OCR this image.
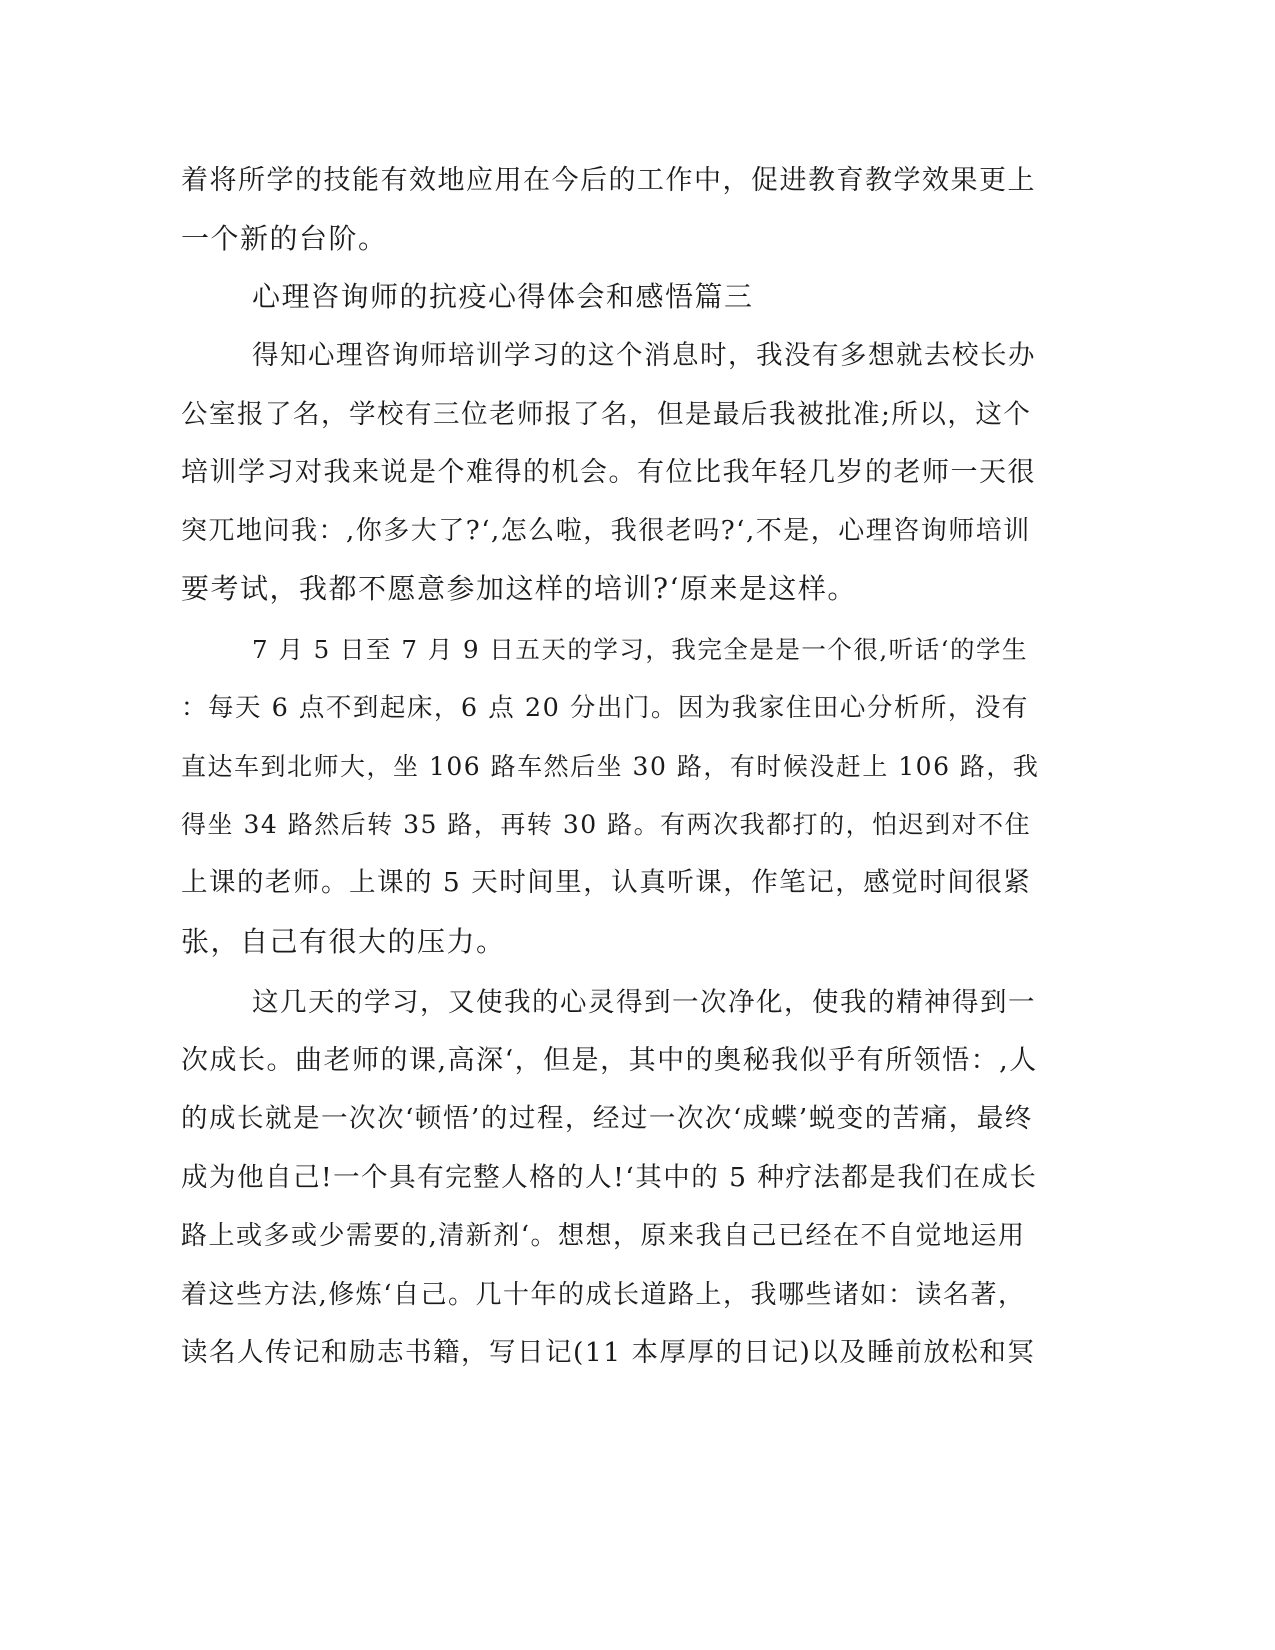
着将所学的技能有效地应用在今后的工作中，促进教育教学效果更上
一个新的台阶。
心理咨询师的抗疫心得体会和感悟篇三
得知心理咨询师培训学习的这个消息时，我没有多想就去校长办
公室报了名，学校有三位老师报了名，但是最后我被批准;所以，这个
培训学习对我来说是个难得的机会。有位比我年轻几岁的老师一天很
突兀地问我：,你多大了?‘,怎么啦，我很老吗?‘,不是，心理咨询师培训
要考试，我都不愿意参加这样的培训?‘原来是这样。
7 月 5 日至 7 月 9 日五天的学习，我完全是是一个很,听话‘的学生
：每天 6 点不到起床，6 点 20 分出门。因为我家住田心分析所，没有
直达车到北师大，坐 106 路车然后坐 30 路，有时候没赶上 106 路，我
得坐 34 路然后转 35 路，再转 30 路。有两次我都打的，怕迟到对不住
上课的老师。上课的 5 天时间里，认真听课，作笔记，感觉时间很紧
张，自己有很大的压力。
这几天的学习，又使我的心灵得到一次净化，使我的精神得到一
次成长。曲老师的课,高深‘，但是，其中的奥秘我似乎有所领悟：,人
的成长就是一次次‘顿悟’的过程，经过一次次‘成蝶’蜕变的苦痛，最终
成为他自己!一个具有完整人格的人!‘其中的 5 种疗法都是我们在成长
路上或多或少需要的,清新剂‘。想想，原来我自己已经在不自觉地运用
着这些方法,修炼‘自己。几十年的成长道路上，我哪些诸如：读名著，
读名人传记和励志书籍，写日记(11 本厚厚的日记)以及睡前放松和冥
